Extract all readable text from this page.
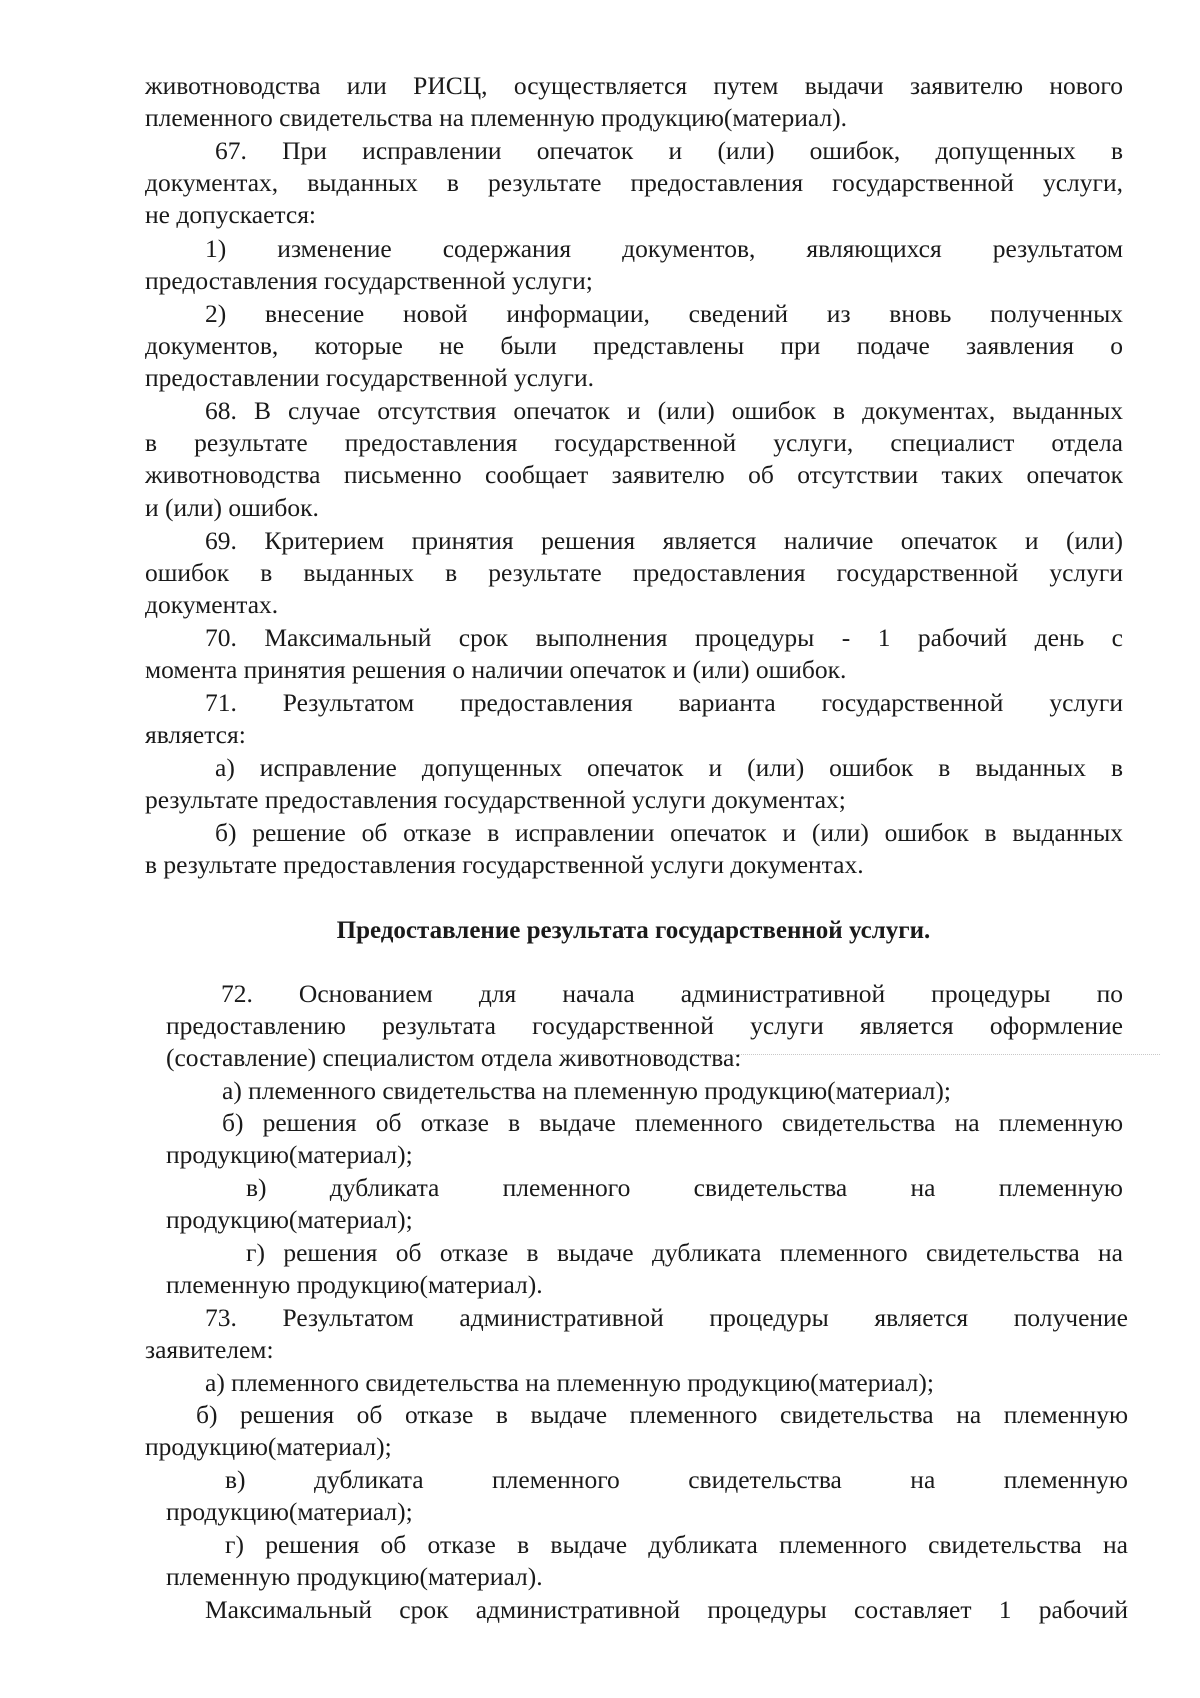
животноводства или РИСЦ, осуществляется путем выдачи заявителю нового
племенного свидетельства на племенную продукцию(материал).

67. При исправлении опечаток и (или) ошибок, допущенных в
документах, выданных в результате предоставления государственной услуги,
не допускается:

1) изменение содержания документов, являющихся результатом
предоставления государственной услуги;

2) внесение новой информации, сведений из вновь полученных
документов, которые не были представлены при подаче заявления о
предоставлении государственной услуги.

68. В случае отсутствия опечаток и (или) ошибок в документах, выданных
в результате предоставления государственной услуги, специалист отдела
животноводства письменно сообщает заявителю об отсутствии таких опечаток
и (или) ошибок.

69. Критерием принятия решения является наличие опечаток и (или)
ошибок в выданных в результате предоставления государственной услуги
документах.

70. Максимальный срок выполнения процедуры - 1 рабочий день с
момента принятия решения о наличии опечаток и (или) ошибок.

71. Результатом предоставления варианта государственной услуги
является:

а) исправление допущенных опечаток и (или) ошибок в выданных в
результате предоставления государственной услуги документах;

б) решение об отказе в исправлении опечаток и (или) ошибок в выданных
в результате предоставления государственной услуги документах.

72. Основанием для начала административной процедуры по
предоставлению результата государственной услуги является оформление
(составление) специалистом отдела животноводства:

а) племенного свидетельства на племенную продукцию(материал);

б) решения об отказе в выдаче племенного свидетельства на племенную
продукцию(материал);

в) дубликата племенного свидетельства на племенную
продукцию(материал);

г) решения об отказе в выдаче дубликата племенного свидетельства на
племенную продукцию(материал).

73. Результатом административной процедуры является получение
заявителем:

а) племенного свидетельства на племенную продукцию(материал);

б) решения об отказе в выдаче племенного свидетельства на племенную
продукцию(материал);

в) дубликата племенного свидетельства на племенную
продукцию(материал);

г) решения об отказе в выдаче дубликата племенного свидетельства на
племенную продукцию(материал).

Максимальный срок административной процедуры составляет 1 рабочий

Предоставление результата государственной услуги.
